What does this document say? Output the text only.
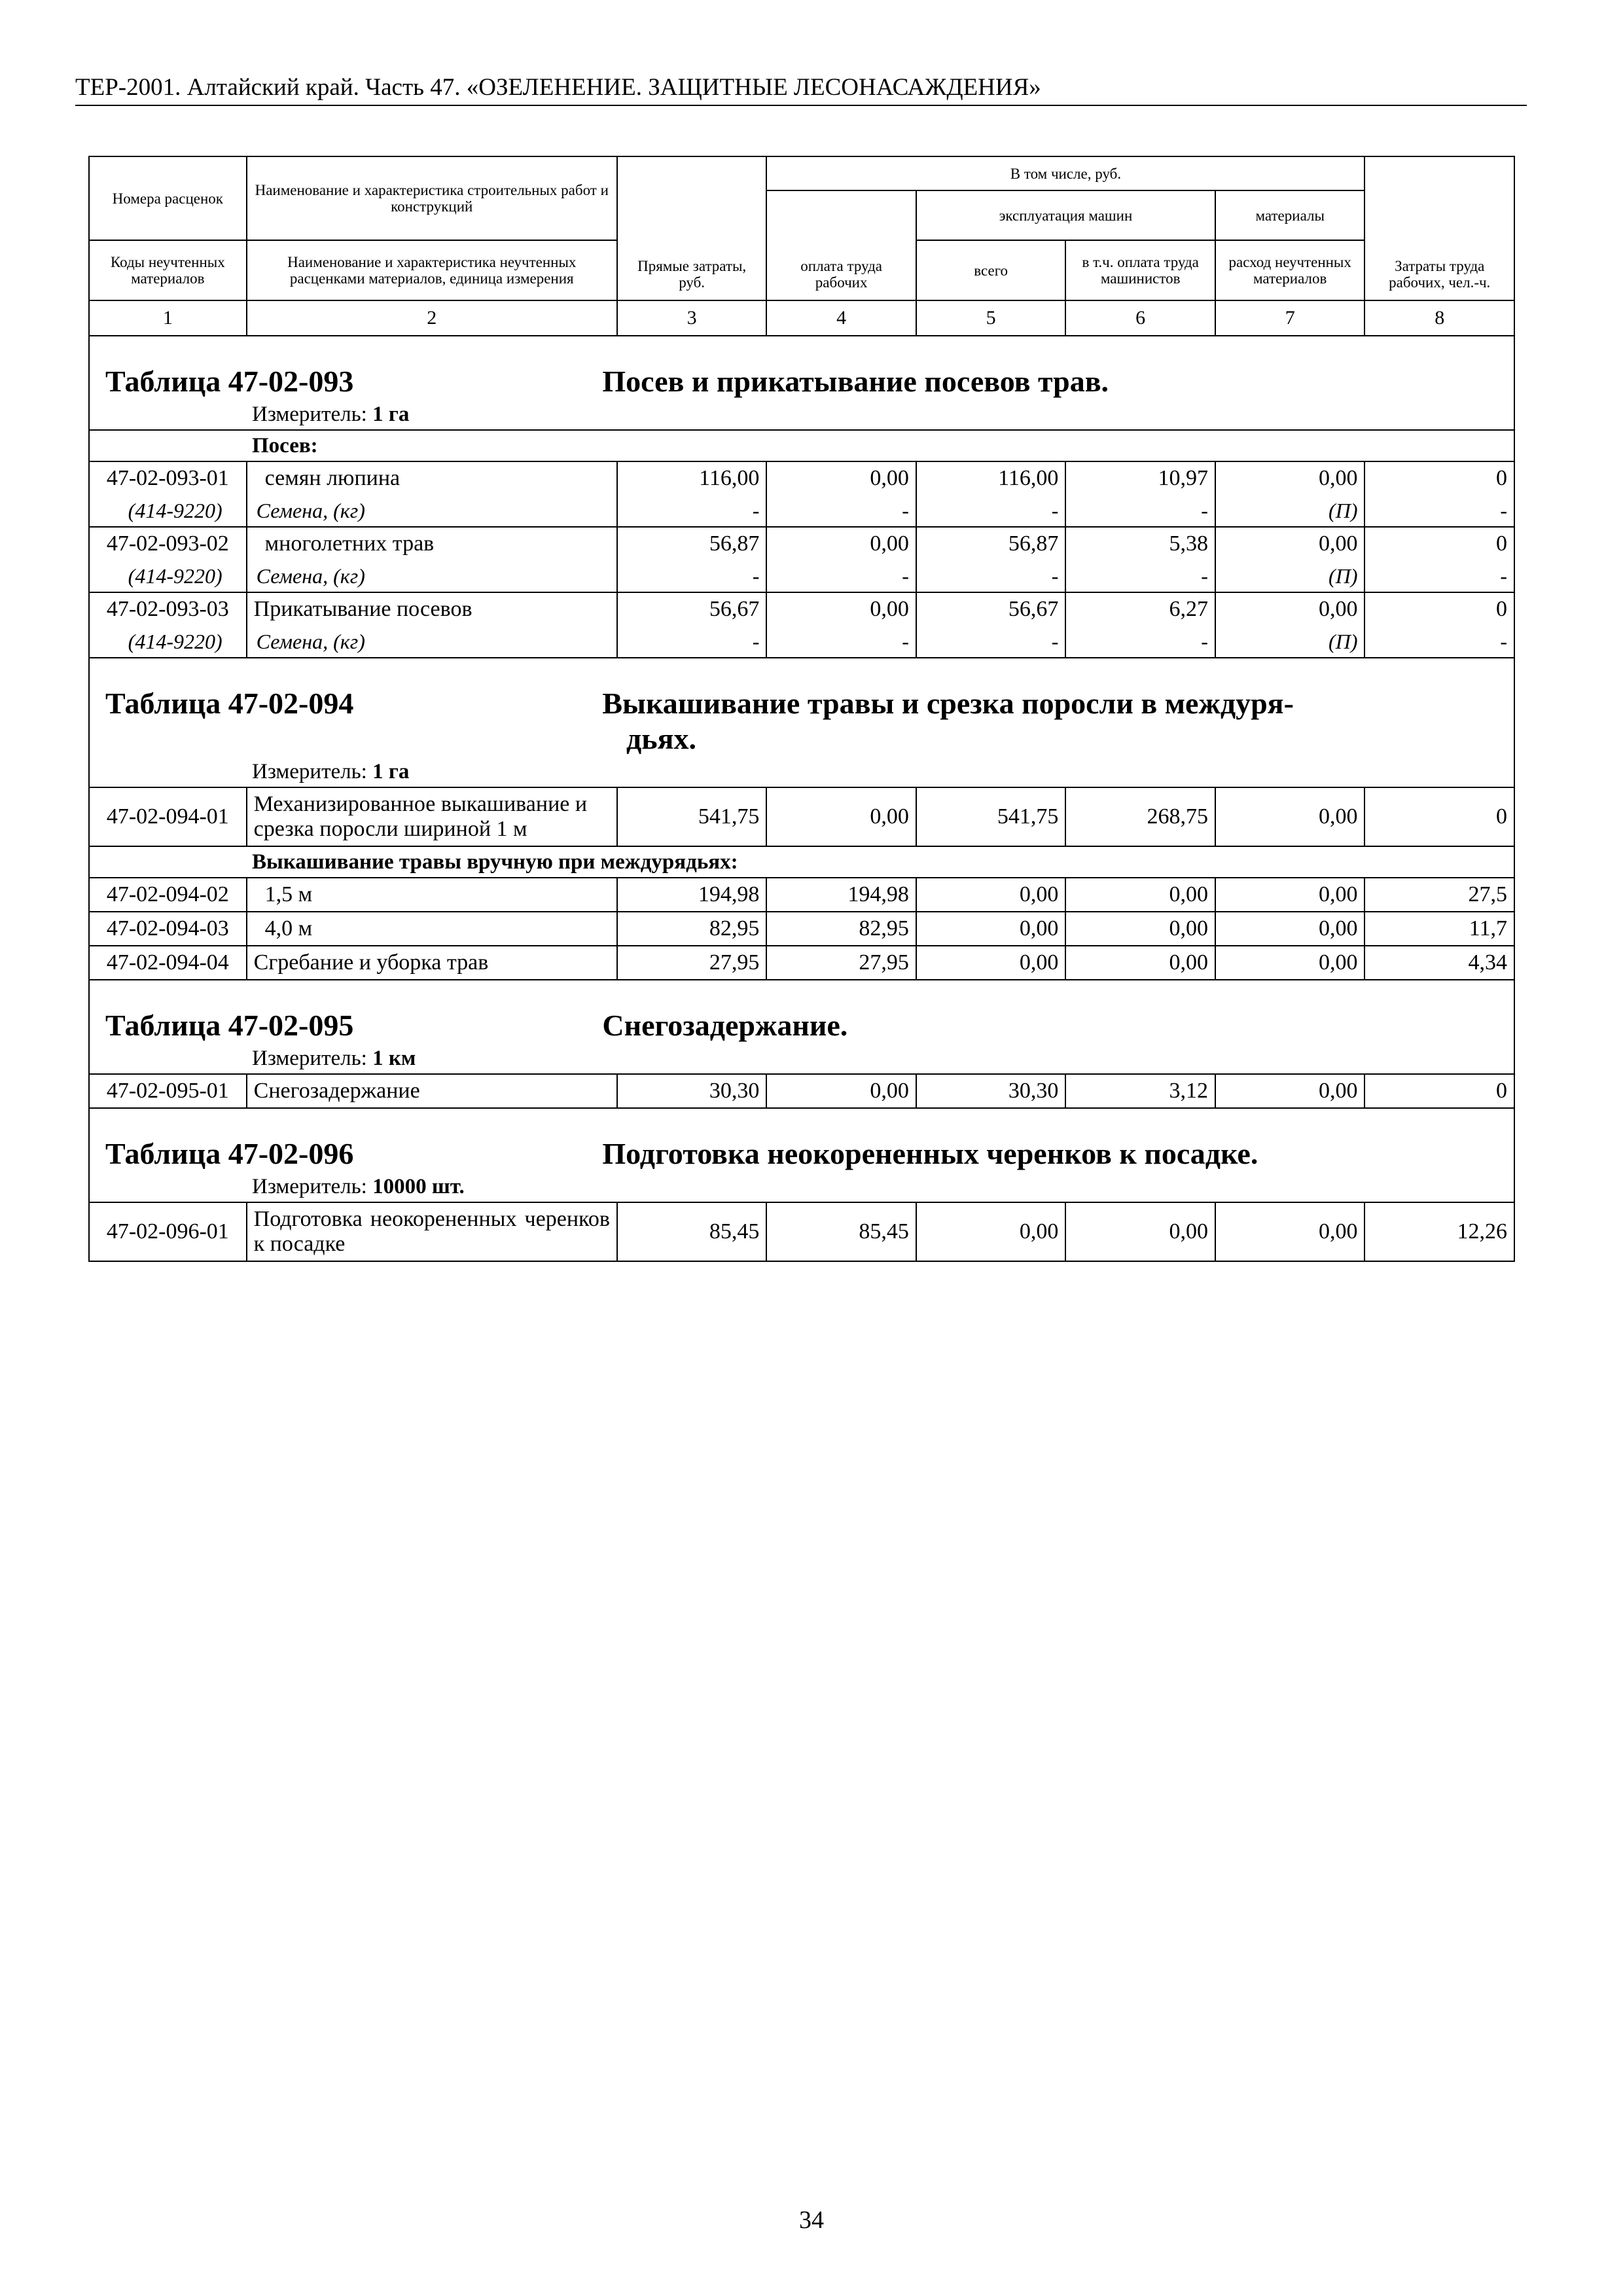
ТЕР-2001. Алтайский край. Часть 47. «ОЗЕЛЕНЕНИЕ. ЗАЩИТНЫЕ ЛЕСОНАСАЖДЕНИЯ»
Номера расценок	Наименование и характеристика строительных работ и конструкций	Прямые затраты, руб.	В том числе, руб.				Затраты труда рабочих, чел.-ч.
			оплата труда рабочих	эксплуатация машин		материалы	
				всего	в т.ч. оплата труда машинистов	расход неучтенных материалов	
Коды неучтенных материалов	Наименование и характеристика неучтенных расценками материалов, единица измерения						
1	2	3	4	5	6	7	8

Таблица 47-02-093 Посев и прикатывание посевов трав.							
Измеритель: 1 га							
Посев:							
47-02-093-01	семян люпина	116,00	0,00	116,00	10,97	0,00	0
(414-9220)	Семена, (кг)	-	-	-	-	(П)	-
47-02-093-02	многолетних трав	56,87	0,00	56,87	5,38	0,00	0
(414-9220)	Семена, (кг)	-	-	-	-	(П)	-
47-02-093-03	Прикатывание посевов	56,67	0,00	56,67	6,27	0,00	0
(414-9220)	Семена, (кг)	-	-	-	-	(П)	-

Таблица 47-02-094 Выкашивание травы и срезка поросли в междуря-							
дьях.							
Измеритель: 1 га							
47-02-094-01	Механизированное выкашивание и срезка поросли шириной 1 м	541,75	0,00	541,75	268,75	0,00	0
Выкашивание травы вручную при междурядьях:							
47-02-094-02	1,5 м	194,98	194,98	0,00	0,00	0,00	27,5
47-02-094-03	4,0 м	82,95	82,95	0,00	0,00	0,00	11,7
47-02-094-04	Сгребание и уборка трав	27,95	27,95	0,00	0,00	0,00	4,34

Таблица 47-02-095 Снегозадержание.							
Измеритель: 1 км							
47-02-095-01	Снегозадержание	30,30	0,00	30,30	3,12	0,00	0

Таблица 47-02-096 Подготовка неокорененных черенков к посадке.							
Измеритель: 10000 шт.							
47-02-096-01	Подготовка неокорененных черенков к посадке	85,45	85,45	0,00	0,00	0,00	12,26
34
